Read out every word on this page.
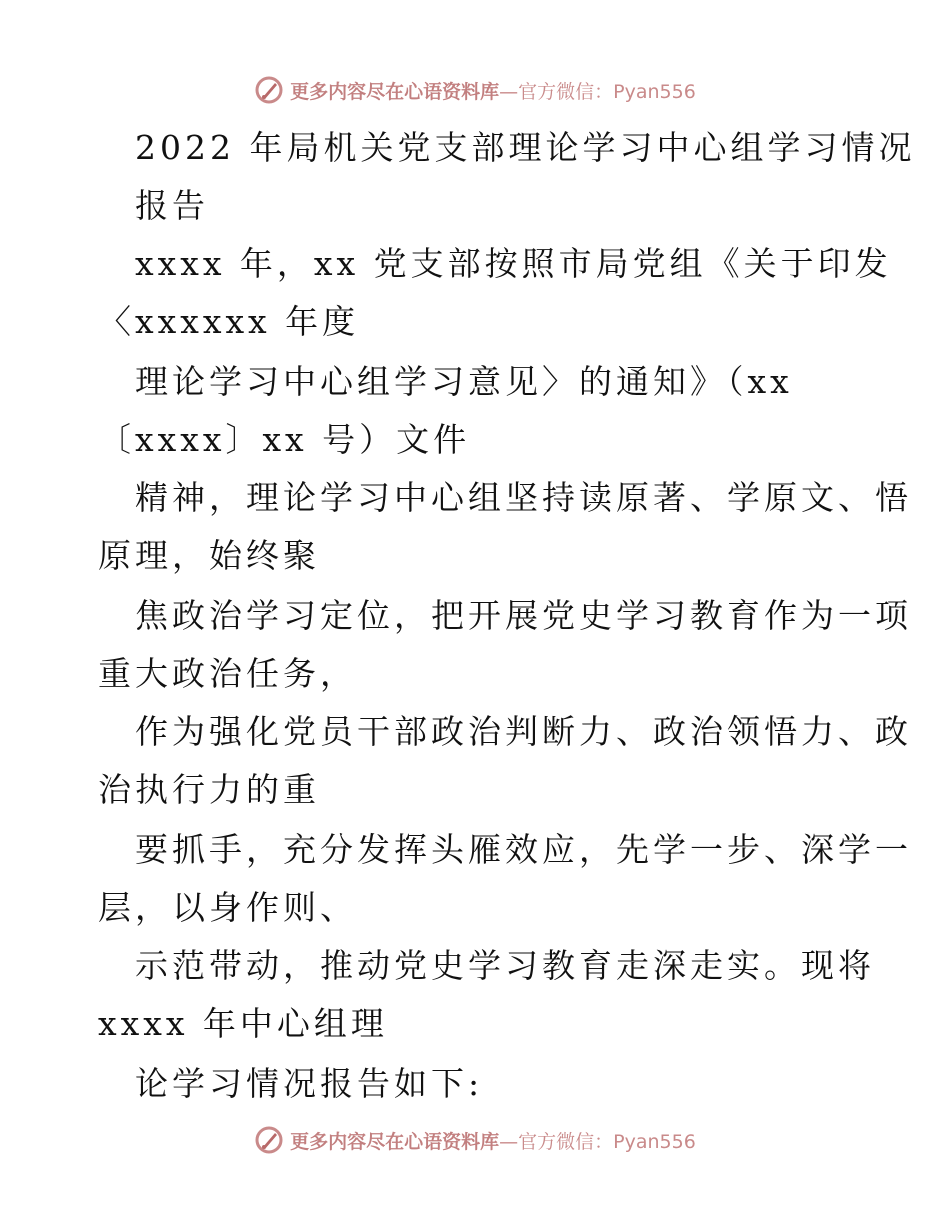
更多内容尽在心语资料库—官方微信：Pyan556
2022 年局机关党支部理论学习中心组学习情况
报告
xxxx 年，xx 党支部按照市局党组《关于印发
〈xxxxxx 年度
理论学习中心组学习意见〉的通知》（xx
〔xxxx〕xx 号）文件
精神，理论学习中心组坚持读原著、学原文、悟
原理，始终聚
焦政治学习定位，把开展党史学习教育作为一项
重大政治任务，
作为强化党员干部政治判断力、政治领悟力、政
治执行力的重
要抓手，充分发挥头雁效应，先学一步、深学一
层，以身作则、
示范带动，推动党史学习教育走深走实。现将
xxxx 年中心组理
论学习情况报告如下:
更多内容尽在心语资料库—官方微信：Pyan556
